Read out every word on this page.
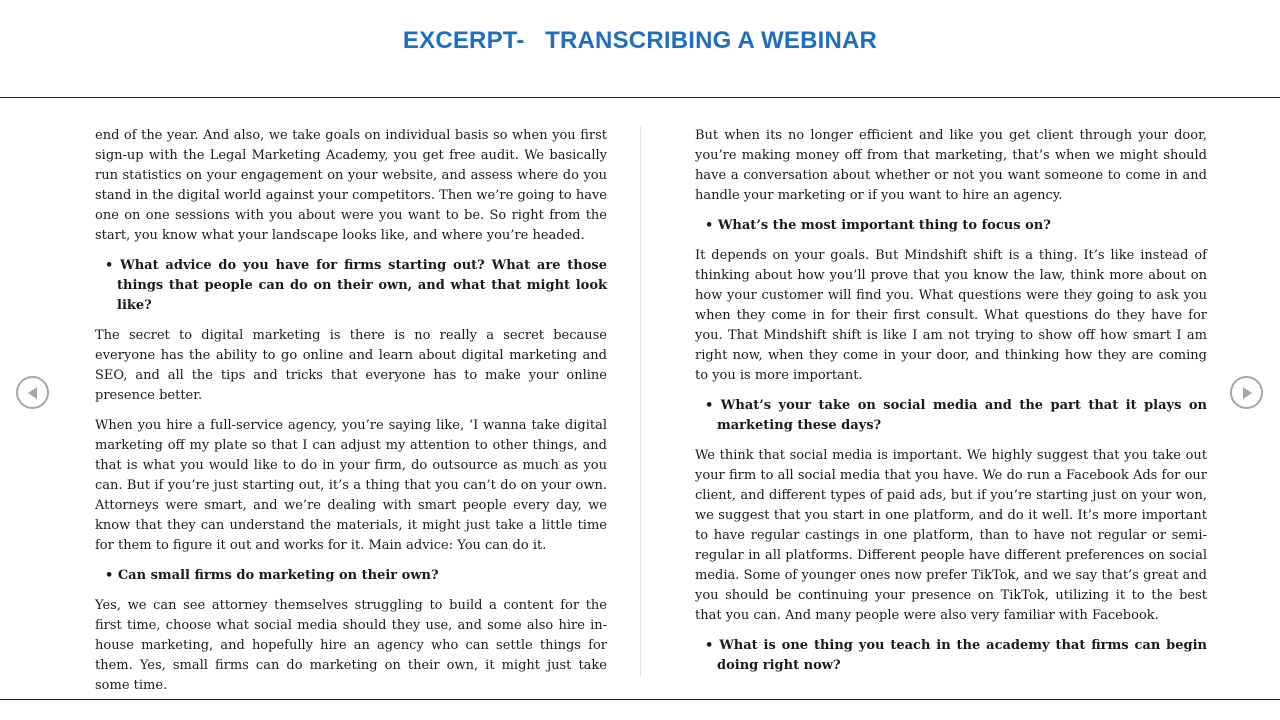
EXCERPT-   TRANSCRIBING A WEBINAR

end of the year. And also, we take goals on individual basis so when you first sign-up with the Legal Marketing Academy, you get free audit. We basically run statistics on your engagement on your website, and assess where do you stand in the digital world against your competitors. Then we’re going to have one on one sessions with you about were you want to be. So right from the start, you know what your landscape looks like, and where you’re headed.

• What advice do you have for firms starting out? What are those things that people can do on their own, and what that might look like?

The secret to digital marketing is there is no really a secret because everyone has the ability to go online and learn about digital marketing and SEO, and all the tips and tricks that everyone has to make your online presence better.

When you hire a full-service agency, you’re saying like, ‘I wanna take digital marketing off my plate so that I can adjust my attention to other things, and that is what you would like to do in your firm, do outsource as much as you can. But if you’re just starting out, it’s a thing that you can’t do on your own. Attorneys were smart, and we’re dealing with smart people every day, we know that they can understand the materials, it might just take a little time for them to figure it out and works for it. Main advice: You can do it.

• Can small firms do marketing on their own?

Yes, we can see attorney themselves struggling to build a content for the first time, choose what social media should they use, and some also hire in-house marketing, and hopefully hire an agency who can settle things for them. Yes, small firms can do marketing on their own, it might just take some time.

But when its no longer efficient and like you get client through your door, you’re making money off from that marketing, that’s when we might should have a conversation about whether or not you want someone to come in and handle your marketing or if you want to hire an agency.

• What’s the most important thing to focus on?

It depends on your goals. But Mindshift shift is a thing. It’s like instead of thinking about how you’ll prove that you know the law, think more about on how your customer will find you. What questions were they going to ask you when they come in for their first consult. What questions do they have for you. That Mindshift shift is like I am not trying to show off how smart I am right now, when they come in your door, and thinking how they are coming to you is more important.

• What’s your take on social media and the part that it plays on marketing these days?

We think that social media is important. We highly suggest that you take out your firm to all social media that you have. We do run a Facebook Ads for our client, and different types of paid ads, but if you’re starting just on your won, we suggest that you start in one platform, and do it well. It’s more important to have regular castings in one platform, than to have not regular or semi-regular in all platforms. Different people have different preferences on social media. Some of younger ones now prefer TikTok, and we say that’s great and you should be continuing your presence on TikTok, utilizing it to the best that you can. And many people were also very familiar with Facebook.

• What is one thing you teach in the academy that firms can begin doing right now?
